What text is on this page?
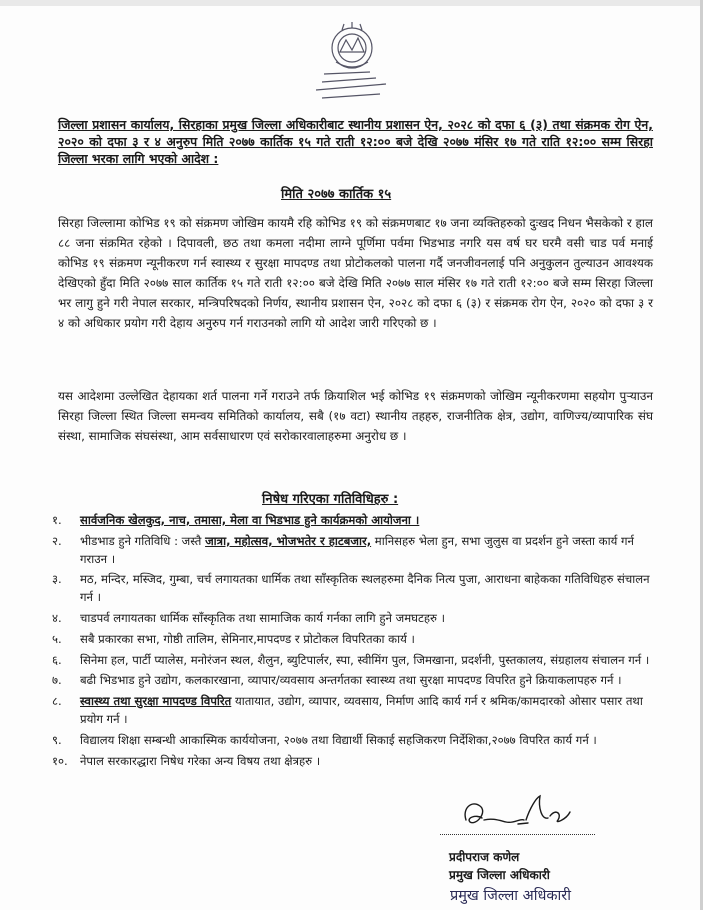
जिल्ला प्रशासन कार्यालय, सिरहाका प्रमुख जिल्ला अधिकारीबाट स्थानीय प्रशासन ऐन, २०२८ को दफा ६ (३) तथा संक्रमक रोग ऐन, २०२० को दफा ३ र ४ अनुरुप मिति २०७७ कार्तिक १५ गते राती १२:०० बजे देखि २०७७ मंसिर १७ गते राति १२:०० सम्म सिरहा जिल्ला भरका लागि भएको आदेश :
मिति २०७७ कार्तिक १५
सिरहा जिल्लामा कोभिड १९ को संक्रमण जोखिम कायमै रहि कोभिड १९ को संक्रमणबाट १७ जना व्यक्तिहरुको दुःखद निधन भैसकेको र हाल ८८ जना संक्रमित रहेको । दिपावली, छठ तथा कमला नदीमा लाग्ने पूर्णिमा पर्वमा भिडभाड नगरि यस वर्ष घर घरमै वसी चाड पर्व मनाई कोभिड १९ संक्रमण न्यूनीकरण गर्न स्वास्थ्य र सुरक्षा मापदण्ड तथा प्रोटोकलको पालना गर्दै जनजीवनलाई पनि अनुकुलन तुल्याउन आवश्यक देखिएको हुँदा मिति २०७७ साल कार्तिक १५ गते राती १२:०० बजे देखि मिति २०७७ साल मंसिर १७ गते राती १२:०० बजे सम्म सिरहा जिल्ला भर लागु हुने गरी नेपाल सरकार, मन्त्रिपरिषदको निर्णय, स्थानीय प्रशासन ऐन, २०२८ को दफा ६ (३) र संक्रमक रोग ऐन, २०२० को दफा ३ र ४ को अधिकार प्रयोग गरी देहाय अनुरुप गर्न गराउनको लागि यो आदेश जारी गरिएको छ ।
यस आदेशमा उल्लेखित देहायका शर्त पालना गर्ने गराउने तर्फ क्रियाशिल भई कोभिड १९ संक्रमणको जोखिम न्यूनीकरणमा सहयोग पुर्‍याउन सिरहा जिल्ला स्थित जिल्ला समन्वय समितिको कार्यालय, सबै (१७ वटा) स्थानीय तहहरु, राजनीतिक क्षेत्र, उद्योग, वाणिज्य/व्यापारिक संघ संस्था, सामाजिक संघसंस्था, आम सर्वसाधारण एवं सरोकारवालाहरुमा अनुरोध छ ।
निषेध गरिएका गतिविधिहरु :
१. सार्वजनिक खेलकुद, नाच, तमासा, मेला वा भिडभाड हुने कार्यक्रमको आयोजना ।
२. भीडभाड हुने गतिविधि : जस्तै जात्रा, महोत्सव, भोजभतेर र हाटबजार, मानिसहरु भेला हुन, सभा जुलुस वा प्रदर्शन हुने जस्ता कार्य गर्न गराउन ।
३. मठ, मन्दिर, मस्जिद, गुम्बा, चर्च लगायतका धार्मिक तथा साँस्कृतिक स्थलहरुमा दैनिक नित्य पुजा, आराधना बाहेकका गतिविधिहरु संचालन गर्न ।
४. चाडपर्व लगायतका धार्मिक साँस्कृतिक तथा सामाजिक कार्य गर्नका लागि हुने जमघटहरु ।
५. सबै प्रकारका सभा, गोष्ठी तालिम, सेमिनार,मापदण्ड र प्रोटोकल विपरितका कार्य ।
६. सिनेमा हल, पार्टी प्यालेस, मनोरंजन स्थल, शैलुन, ब्युटिपार्लर, स्पा, स्वीमिंग पुल, जिमखाना, प्रदर्शनी, पुस्तकालय, संग्रहालय संचालन गर्न ।
७. बढी भिडभाड हुने उद्योग, कलकारखाना, व्यापार/व्यवसाय अन्तर्गतका स्वास्थ्य तथा सुरक्षा मापदण्ड विपरित हुने क्रियाकलापहरु गर्न ।
८. स्वास्थ्य तथा सुरक्षा मापदण्ड विपरित यातायात, उद्योग, व्यापार, व्यवसाय, निर्माण आदि कार्य गर्न र श्रमिक/कामदारको ओसार पसार तथा प्रयोग गर्न ।
९. विद्यालय शिक्षा सम्बन्धी आकास्मिक कार्ययोजना, २०७७ तथा विद्यार्थी सिकाई सहजिकरण निर्देशिका,२०७७ विपरित कार्य गर्न ।
१०. नेपाल सरकारद्धारा निषेध गरेका अन्य विषय तथा क्षेत्रहरु ।
प्रदीपराज कणेल
प्रमुख जिल्ला अधिकारी
प्रमुख जिल्ला अधिकारी
